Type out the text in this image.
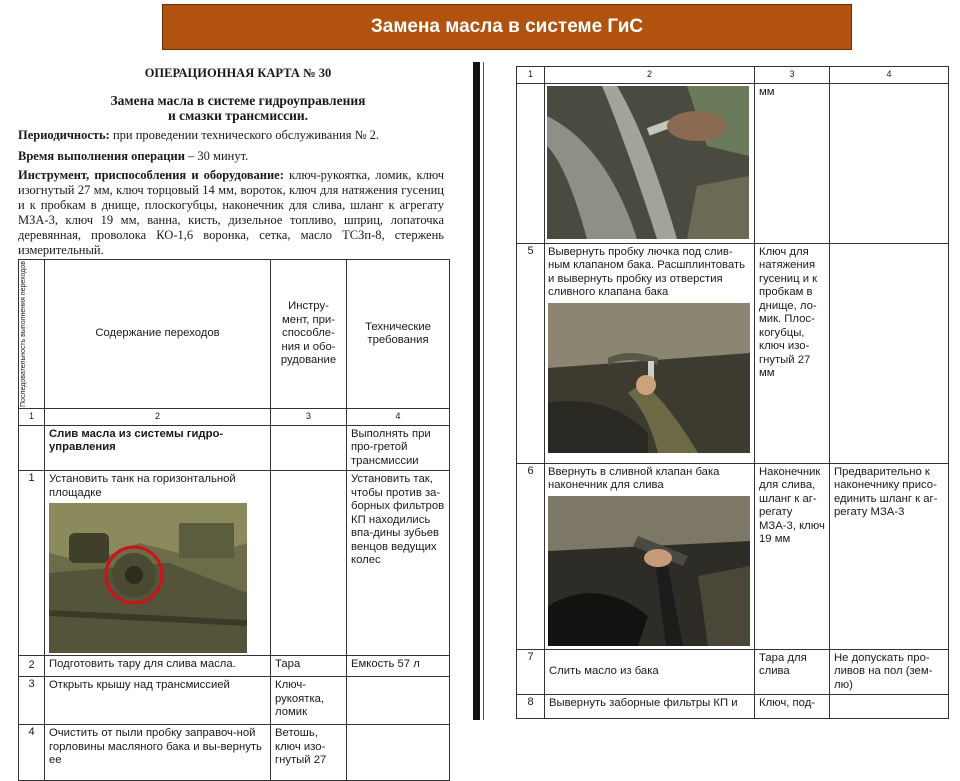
Замена масла в системе ГиС
ОПЕРАЦИОННАЯ КАРТА № 30
Замена масла в системе гидроуправления
и смазки трансмиссии.
Периодичность: при проведении технического обслуживания № 2.
Время выполнения операции – 30 минут.
Инструмент, приспособления и оборудование: ключ-рукоятка, ломик, ключ изогнутый 27 мм, ключ торцовый 14 мм, вороток, ключ для натяжения гусениц и к пробкам в днище, плоскогубцы, наконечник для слива, шланг к агрегату МЗА-3, ключ 19 мм, ванна, кисть, дизельное топливо, шприц, лопаточка деревянная, проволока КО-1,6 воронка, сетка, масло ТСЗп-8, стержень измерительный.
Последовательность выполнения переходов	Содержание переходов	Инстру-мент, при-способле-ния и обо-рудование	Технические требования
1	2	3	4
	Слив масла из системы гидро-управления		Выполнять при про-гретой трансмиссии
1	Установить танк на горизонтальной площадке		Установить так, чтобы против за-борных фильтров КП находились впа-дины зубьев венцов ведущих колес
2	Подготовить тару для слива масла.	Тара	Емкость 57 л
3	Открыть крышу над трансмиссией	Ключ-рукоятка, ломик	
4	Очистить от пыли пробку заправоч-ной горловины масляного бака и вы-вернуть ее	Ветошь, ключ изо-гнутый 27	
1	2	3	4

	мм	
5	Вывернуть пробку лючка под слив-ным клапаном бака. Расшплинтовать и вывернуть пробку из отверстия сливного клапана бака	Ключ для натяжения гусениц и к пробкам в днище, ло-мик. Плос-когубцы, ключ изо-гнутый 27 мм	
6	Ввернуть в сливной клапан бака наконечник для слива	Наконечник для слива, шланг к аг-регату МЗА-3, ключ 19 мм	Предварительно к наконечнику присо-единить шланг к аг-регату МЗА-3
7	Слить масло из бака	Тара для слива	Не допускать про-ливов на пол (зем-лю)
8	Вывернуть заборные фильтры КП и	Ключ, под-	
